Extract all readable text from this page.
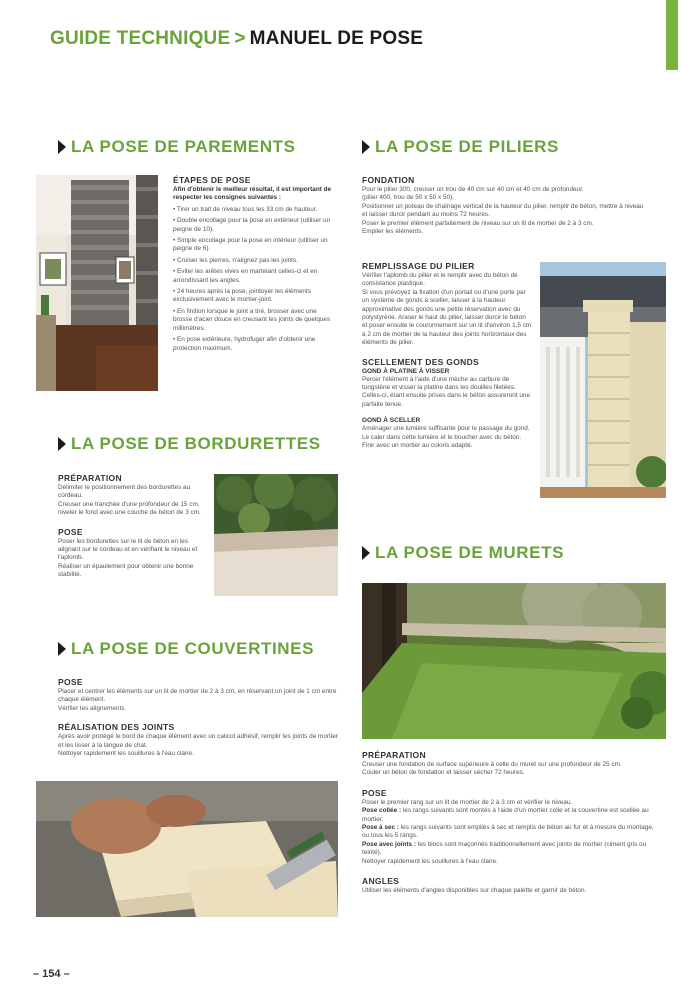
GUIDE TECHNIQUE > MANUEL DE POSE
LA POSE DE PAREMENTS
ÉTAPES DE POSE
Afin d'obtenir le meilleur résultat, il est important de respecter les consignes suivantes :
• Tirer un trait de niveau tous les 33 cm de hauteur.
• Double encollage pour la pose en extérieur (utiliser un peigne de 10).
• Simple encollage pour la pose en intérieur (utiliser un peigne de 6).
• Croiser les pierres, n'alignez pas les joints.
• Eviter les arêtes vives en martelant celles-ci et en arrondissant les angles.
• 24 heures après la pose, jointoyer les éléments exclusivement avec le mortier-joint.
• En finition lorsque le joint a tiré, brosser avec une brosse d'acier douce en creusant les joints de quelques millimètres.
• En pose extérieure, hydrofuger afin d'obtenir une protection maximum.
LA POSE DE BORDURETTES
PRÉPARATION
Délimiter le positionnement des bordurettes au cordeau.
Creuser une tranchée d'une profondeur de 15 cm, niveler le fond avec une couche de béton de 3 cm.
POSE
Poser les bordurettes sur le lit de béton en les alignant sur le cordeau et en vérifiant le niveau et l'aplomb.
Réaliser un épaulement pour obtenir une bonne stabilité.
LA POSE DE COUVERTINES
POSE
Placer et centrer les éléments sur un lit de mortier de 2 à 3 cm, en réservant un joint de 1 cm entre chaque élément.
Vérifier les alignements.
RÉALISATION DES JOINTS
Après avoir protégé le bord de chaque élément avec un calicot adhésif, remplir les joints de mortier et les lisser à la langue de chat.
Nettoyer rapidement les souillures à l'eau claire.
LA POSE DE PILIERS
FONDATION
Pour le pilier 300, creuser un trou de 40 cm sur 40 cm et 40 cm de profondeur.
(pilier 400, trou de 50 x 50 x 50).
Positionner un poteau de chaînage vertical de la hauteur du pilier, remplir de béton, mettre à niveau et laisser durcir pendant au moins 72 heures.
Poser le premier élément parfaitement de niveau sur un lit de mortier de 2 à 3 cm.
Empiler les éléments.
REMPLISSAGE DU PILIER
Vérifier l'aplomb du pilier et le remplir avec du béton de consistance plastique.
Si vous prévoyez la fixation d'un portail ou d'une porte par un système de gonds à sceller, laisser à la hauteur approximative des gonds une petite réservation avec du polystyrène. Araser le haut du pilier, laisser durcir le béton et poser ensuite le couronnement sur un lit d'environ 1,5 cm à 2 cm de mortier de la hauteur des joints horizontaux des éléments de pilier.
SCELLEMENT DES GONDS
GOND À PLATINE À VISSER
Percer l'élément à l'aide d'une mèche au carbure de tungstène et visser la platine dans les douilles filetées. Celles-ci, étant ensuite prises dans le béton assureront une parfaite tenue.
GOND À SCELLER
Aménager une lumière suffisante pour le passage du gond. Le caler dans cette lumière et le boucher avec du béton.
Finir avec un mortier au coloris adapté.
LA POSE DE MURETS
PRÉPARATION
Creuser une fondation de surface supérieure à celle du muret sur une profondeur de 25 cm.
Couler un béton de fondation et laisser sécher 72 heures.
POSE
Poser le premier rang sur un lit de mortier de 2 à 3 cm et vérifier le niveau.
Pose collée : les rangs suivants sont montés à l'aide d'un mortier colle et la couvertine est scellée au mortier.
Pose à sec : les rangs suivants sont empilés à sec et remplis de béton au fur et à mesure du montage, ou tous les 5 rangs.
Pose avec joints : les blocs sont maçonnés traditionnellement avec joints de mortier (ciment gris ou teinté).
Nettoyer rapidement les souillures à l'eau claire.
ANGLES
Utiliser les éléments d'angles disponibles sur chaque palette et garnir de béton.
– 154 –
